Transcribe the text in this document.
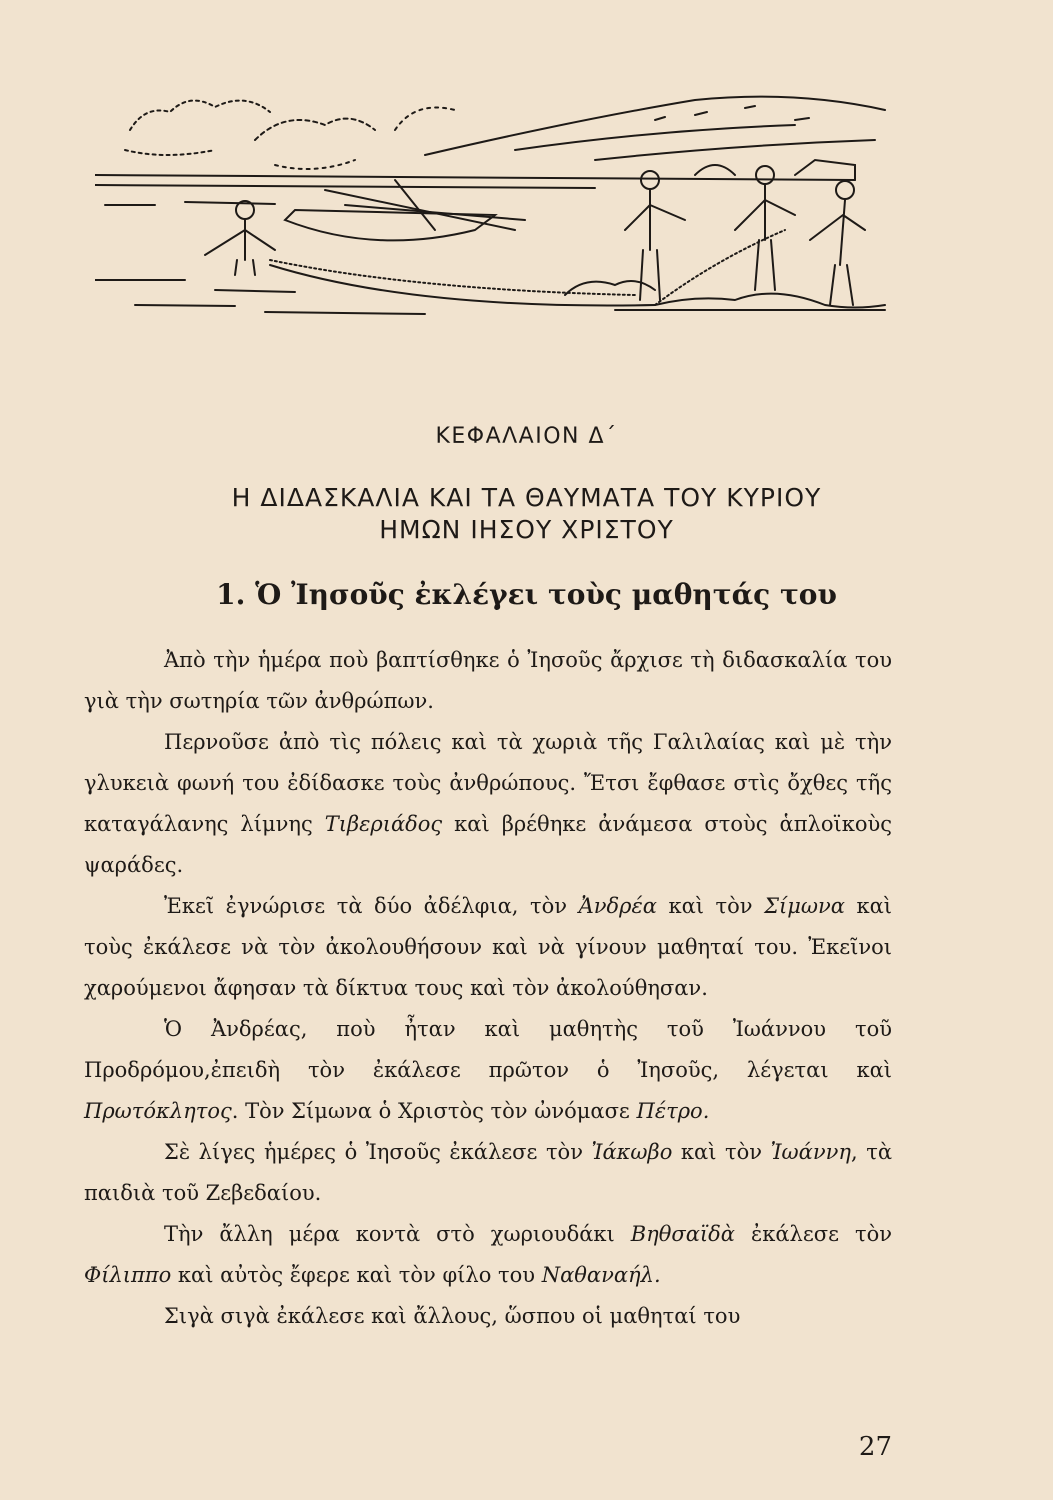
ΚΕΦΑΛΑΙΟΝ Δ΄
Η ΔΙΔΑΣΚΑΛΙΑ ΚΑΙ ΤΑ ΘΑΥΜΑΤΑ ΤΟΥ ΚΥΡΙΟΥ
ΗΜΩΝ ΙΗΣΟΥ ΧΡΙΣΤΟΥ
1. Ὁ Ἰησοῦς ἐκλέγει τοὺς μαθητάς του

Ἀπὸ τὴν ἡμέρα ποὺ βαπτίσθηκε ὁ Ἰησοῦς ἄρχισε τὴ διδασκαλία του γιὰ τὴν σωτηρία τῶν ἀνθρώπων.

Περνοῦσε ἀπὸ τὶς πόλεις καὶ τὰ χωριὰ τῆς Γαλιλαίας καὶ μὲ τὴν γλυκειὰ φωνή του ἐδίδασκε τοὺς ἀνθρώπους. Ἔτσι ἔφθασε στὶς ὄχθες τῆς καταγάλανης λίμνης Τιβεριάδος καὶ βρέθηκε ἀνάμεσα στοὺς ἁπλοϊκοὺς ψαράδες.

Ἐκεῖ ἐγνώρισε τὰ δύο ἀδέλφια, τὸν Ἀνδρέα καὶ τὸν Σίμωνα καὶ τοὺς ἐκάλεσε νὰ τὸν ἀκολουθήσουν καὶ νὰ γίνουν μαθηταί του. Ἐκεῖνοι χαρούμενοι ἄφησαν τὰ δίκτυα τους καὶ τὸν ἀκολούθησαν.

Ὁ Ἀνδρέας, ποὺ ἦταν καὶ μαθητὴς τοῦ Ἰωάννου τοῦ Προδρόμου,ἐπειδὴ τὸν ἐκάλεσε πρῶτον ὁ Ἰησοῦς, λέγεται καὶ Πρωτόκλητος. Τὸν Σίμωνα ὁ Χριστὸς τὸν ὠνόμασε Πέτρο.

Σὲ λίγες ἡμέρες ὁ Ἰησοῦς ἐκάλεσε τὸν Ἰάκωβο καὶ τὸν Ἰωάννη, τὰ παιδιὰ τοῦ Ζεβεδαίου.

Τὴν ἄλλη μέρα κοντὰ στὸ χωριουδάκι Βηθσαϊδὰ ἐκάλεσε τὸν Φίλιππο καὶ αὐτὸς ἔφερε καὶ τὸν φίλο του Ναθαναήλ.

Σιγὰ σιγὰ ἐκάλεσε καὶ ἄλλους, ὥσπου οἱ μαθηταί του

27
